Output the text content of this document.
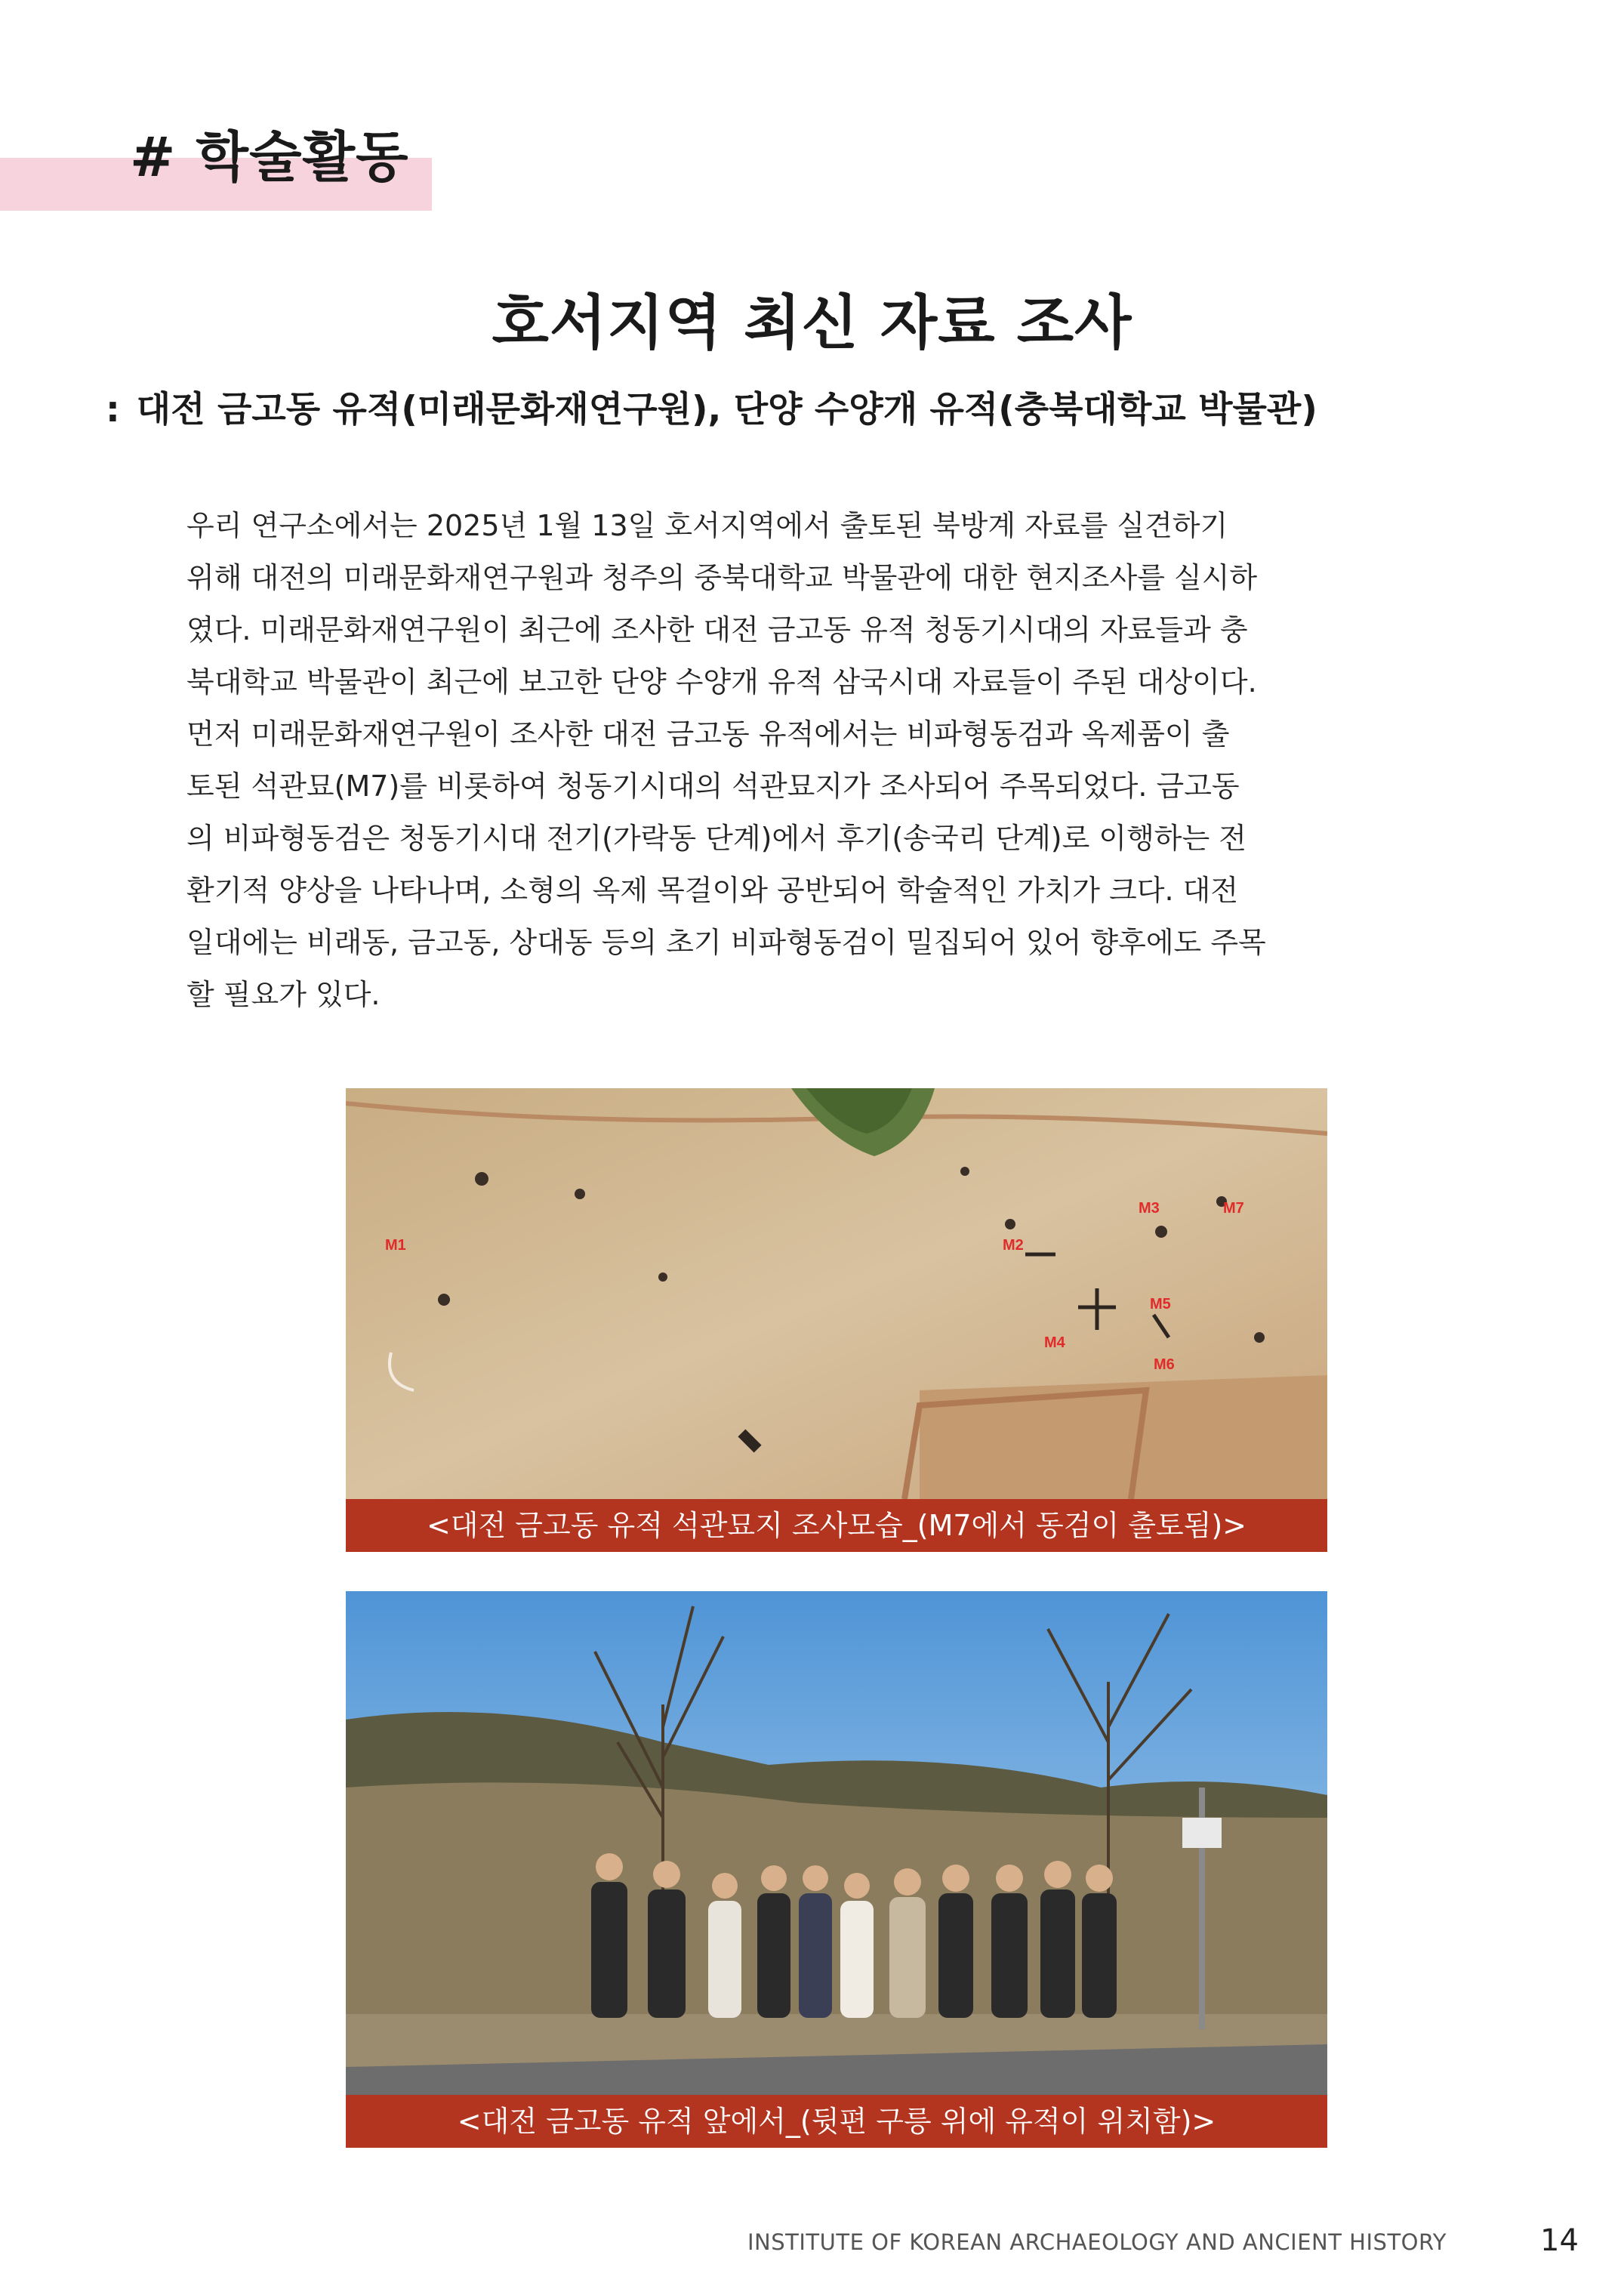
# 학술활동
호서지역 최신 자료 조사
: 대전 금고동 유적(미래문화재연구원), 단양 수양개 유적(충북대학교 박물관)

우리 연구소에서는 2025년 1월 13일 호서지역에서 출토된 북방계 자료를 실견하기

위해 대전의 미래문화재연구원과 청주의 중북대학교 박물관에 대한 현지조사를 실시하

였다. 미래문화재연구원이 최근에 조사한 대전 금고동 유적 청동기시대의 자료들과 충

북대학교 박물관이 최근에 보고한 단양 수양개 유적 삼국시대 자료들이 주된 대상이다.

먼저 미래문화재연구원이 조사한 대전 금고동 유적에서는 비파형동검과 옥제품이 출

토된 석관묘(M7)를 비롯하여 청동기시대의 석관묘지가 조사되어 주목되었다. 금고동

의 비파형동검은 청동기시대 전기(가락동 단계)에서 후기(송국리 단계)로 이행하는 전

환기적 양상을 나타나며, 소형의 옥제 목걸이와 공반되어 학술적인 가치가 크다. 대전

일대에는 비래동, 금고동, 상대동 등의 초기 비파형동검이 밀집되어 있어 향후에도 주목

할 필요가 있다.

M1	M2
M3
M4
M5
M6
M7
<대전 금고동 유적 석관묘지 조사모습_(M7에서 동검이 출토됨)>
<대전 금고동 유적 앞에서_(뒷편 구릉 위에 유적이 위치함)>
INSTITUTE OF KOREAN ARCHAEOLOGY AND ANCIENT HISTORY	14
